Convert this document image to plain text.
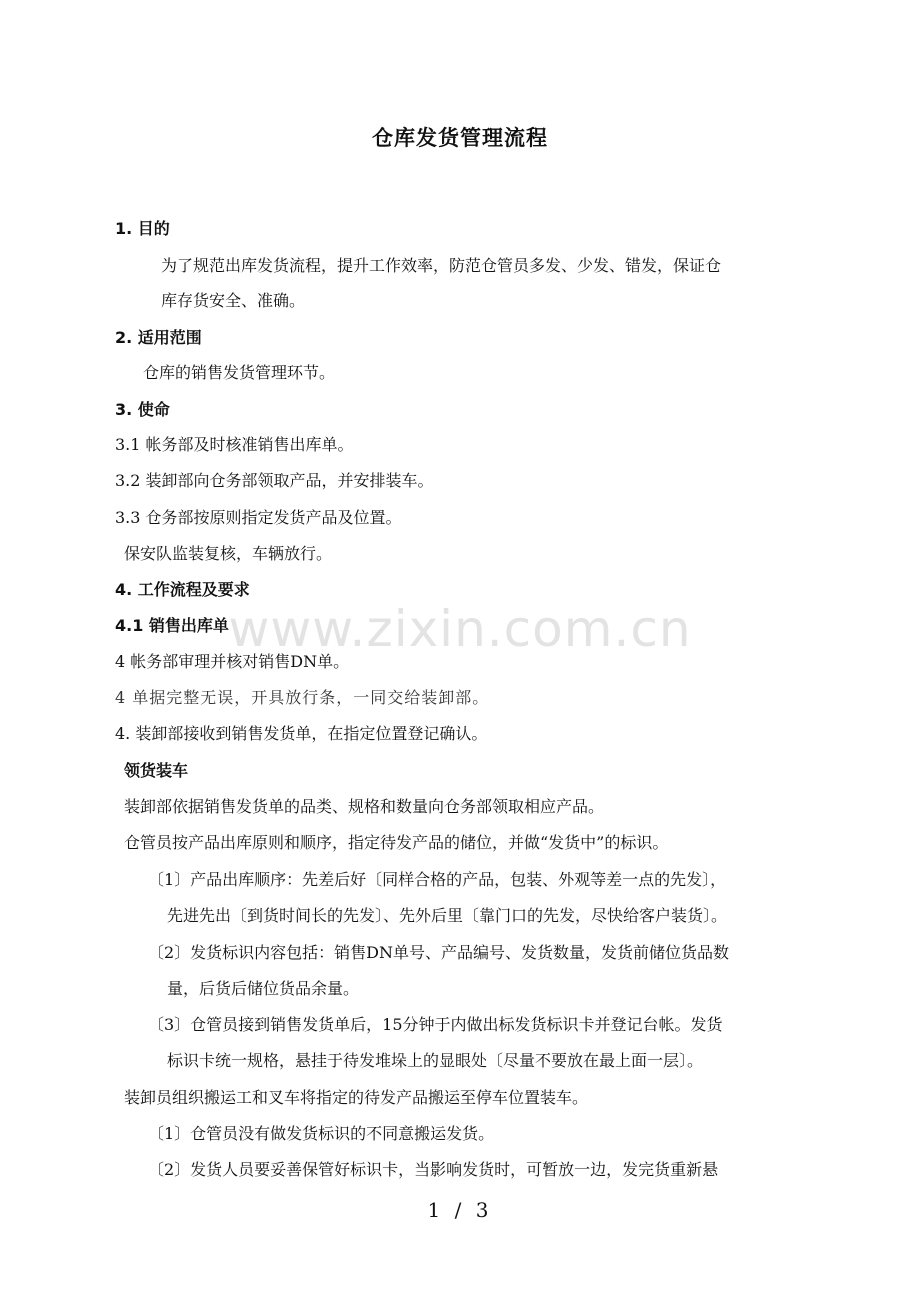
www.zixin.com.cn
仓库发货管理流程
1. 目的
为了规范出库发货流程，提升工作效率，防范仓管员多发、少发、错发，保证仓
库存货安全、准确。
2. 适用范围
仓库的销售发货管理环节。
3. 使命
3.1 帐务部及时核准销售出库单。
3.2 装卸部向仓务部领取产品，并安排装车。
3.3 仓务部按原则指定发货产品及位置。
保安队监装复核，车辆放行。
4. 工作流程及要求
4.1 销售出库单
4 帐务部审理并核对销售DN单。
4 单据完整无误，开具放行条，一同交给装卸部。
4. 装卸部接收到销售发货单，在指定位置登记确认。
领货装车
装卸部依据销售发货单的品类、规格和数量向仓务部领取相应产品。
仓管员按产品出库原则和顺序，指定待发产品的储位，并做“发货中”的标识。
〔1〕产品出库顺序：先差后好〔同样合格的产品，包装、外观等差一点的先发〕，
先进先出〔到货时间长的先发〕、先外后里〔靠门口的先发，尽快给客户装货〕。
〔2〕发货标识内容包括：销售DN单号、产品编号、发货数量，发货前储位货品数
量，后货后储位货品余量。
〔3〕仓管员接到销售发货单后，15分钟于内做出标发货标识卡并登记台帐。发货
标识卡统一规格，悬挂于待发堆垛上的显眼处〔尽量不要放在最上面一层〕。
装卸员组织搬运工和叉车将指定的待发产品搬运至停车位置装车。
〔1〕仓管员没有做发货标识的不同意搬运发货。
〔2〕发货人员要妥善保管好标识卡，当影响发货时，可暂放一边，发完货重新悬
1 / 3
